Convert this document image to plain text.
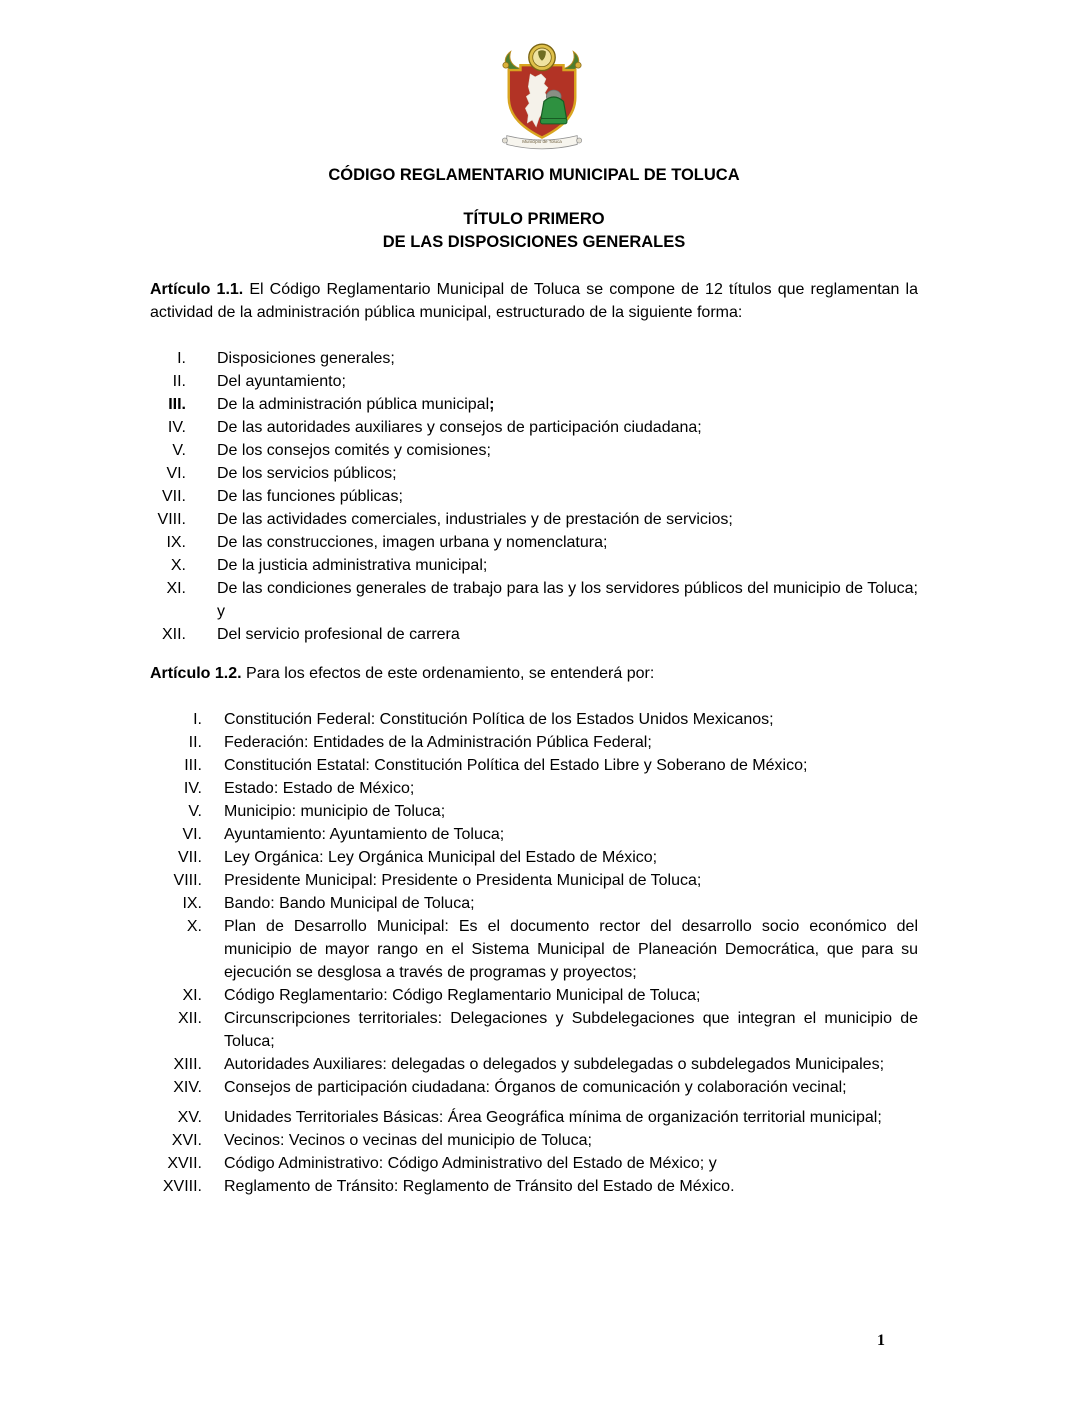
Municipio de Toluca
CÓDIGO REGLAMENTARIO MUNICIPAL DE TOLUCA
TÍTULO PRIMERO
DE LAS DISPOSICIONES GENERALES

Artículo 1.1. El Código Reglamentario Municipal de Toluca se compone de 12 títulos que reglamentan la actividad de la administración pública municipal, estructurado de la siguiente forma:

I. Disposiciones generales;
II. Del ayuntamiento;
III. De la administración pública municipal;
IV. De las autoridades auxiliares y consejos de participación ciudadana;
V. De los consejos comités y comisiones;
VI. De los servicios públicos;
VII. De las funciones públicas;
VIII. De las actividades comerciales, industriales y de prestación de servicios;
IX. De las construcciones, imagen urbana y nomenclatura;
X. De la justicia administrativa municipal;
XI. De las condiciones generales de trabajo para las y los servidores públicos del municipio de Toluca; y
XII. Del servicio profesional de carrera

Artículo 1.2. Para los efectos de este ordenamiento, se entenderá por:

I. Constitución Federal: Constitución Política de los Estados Unidos Mexicanos;
II. Federación: Entidades de la Administración Pública Federal;
III. Constitución Estatal: Constitución Política del Estado Libre y Soberano de México;
IV. Estado: Estado de México;
V. Municipio: municipio de Toluca;
VI. Ayuntamiento: Ayuntamiento de Toluca;
VII. Ley Orgánica: Ley Orgánica Municipal del Estado de México;
VIII. Presidente Municipal: Presidente o Presidenta Municipal de Toluca;
IX. Bando: Bando Municipal de Toluca;
X. Plan de Desarrollo Municipal: Es el documento rector del desarrollo socio económico del municipio de mayor rango en el Sistema Municipal de Planeación Democrática, que para su ejecución se desglosa a través de programas y proyectos;
XI. Código Reglamentario: Código Reglamentario Municipal de Toluca;
XII. Circunscripciones territoriales: Delegaciones y Subdelegaciones que integran el municipio de Toluca;
XIII. Autoridades Auxiliares: delegadas o delegados y subdelegadas o subdelegados Municipales;
XIV. Consejos de participación ciudadana: Órganos de comunicación y colaboración vecinal;
XV. Unidades Territoriales Básicas: Área Geográfica mínima de organización territorial municipal;
XVI. Vecinos: Vecinos o vecinas del municipio de Toluca;
XVII. Código Administrativo: Código Administrativo del Estado de México; y
XVIII. Reglamento de Tránsito: Reglamento de Tránsito del Estado de México.
1
